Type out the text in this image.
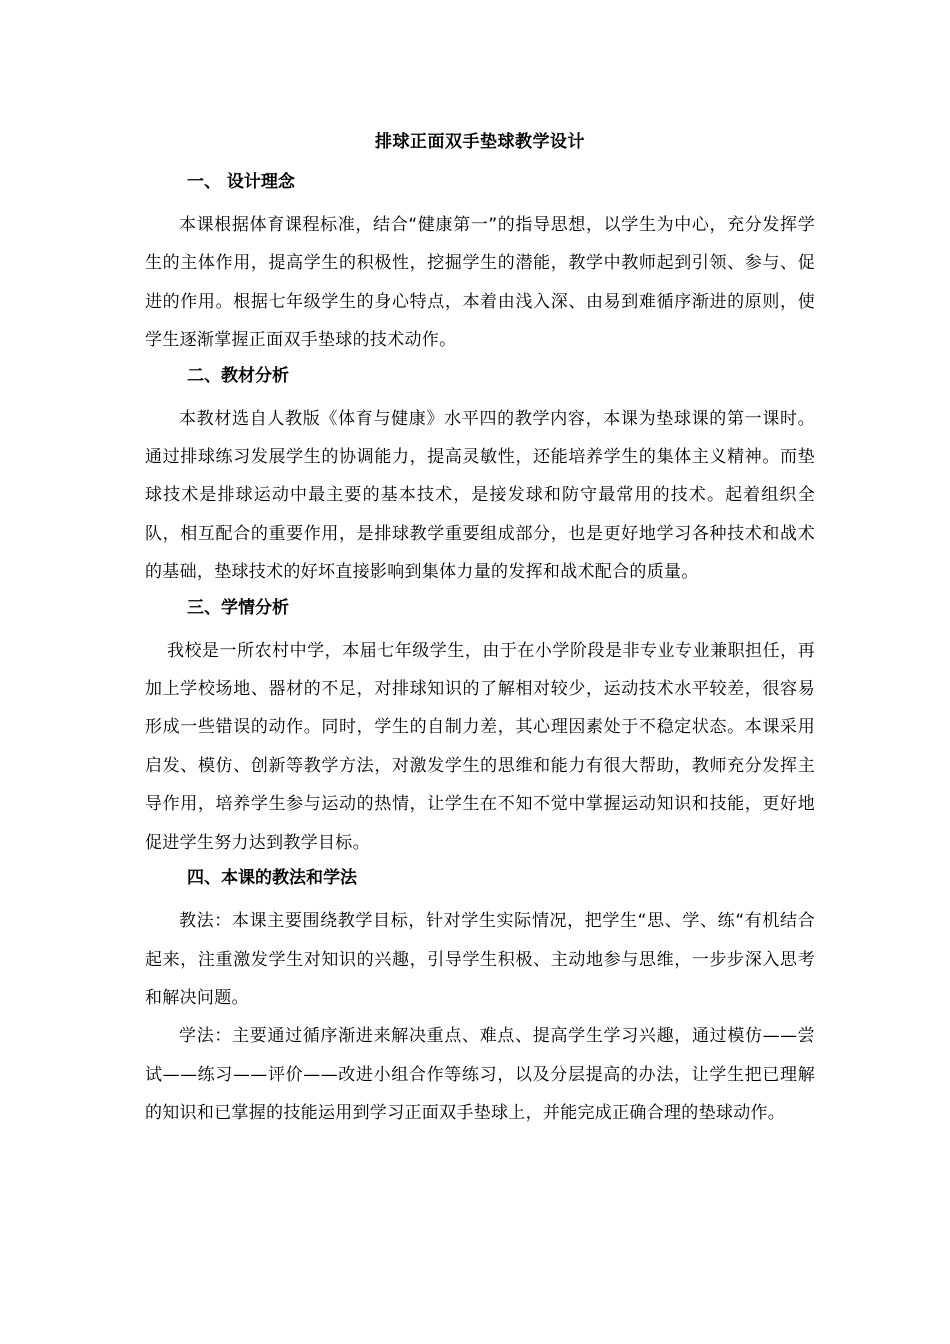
排球正面双手垫球教学设计
一、 设计理念

本课根据体育课程标准，结合“健康第一”的指导思想，以学生为中心，充分发挥学生的主体作用，提高学生的积极性，挖掘学生的潜能，教学中教师起到引领、参与、促进的作用。根据七年级学生的身心特点，本着由浅入深、由易到难循序渐进的原则，使学生逐渐掌握正面双手垫球的技术动作。

二、教材分析

本教材选自人教版《体育与健康》水平四的教学内容，本课为垫球课的第一课时。通过排球练习发展学生的协调能力，提高灵敏性，还能培养学生的集体主义精神。而垫球技术是排球运动中最主要的基本技术，是接发球和防守最常用的技术。起着组织全队，相互配合的重要作用，是排球教学重要组成部分，也是更好地学习各种技术和战术的基础，垫球技术的好坏直接影响到集体力量的发挥和战术配合的质量。

三、学情分析

我校是一所农村中学，本届七年级学生，由于在小学阶段是非专业专业兼职担任，再加上学校场地、器材的不足，对排球知识的了解相对较少，运动技术水平较差，很容易形成一些错误的动作。同时，学生的自制力差，其心理因素处于不稳定状态。本课采用启发、模仿、创新等教学方法，对激发学生的思维和能力有很大帮助，教师充分发挥主导作用，培养学生参与运动的热情，让学生在不知不觉中掌握运动知识和技能，更好地促进学生努力达到教学目标。

四、本课的教法和学法

教法：本课主要围绕教学目标，针对学生实际情况，把学生“思、学、练“有机结合起来，注重激发学生对知识的兴趣，引导学生积极、主动地参与思维，一步步深入思考和解决问题。

学法：主要通过循序渐进来解决重点、难点、提高学生学习兴趣，通过模仿——尝 试——练习——评价——改进小组合作等练习，以及分层提高的办法，让学生把已理解的知识和已掌握的技能运用到学习正面双手垫球上，并能完成正确合理的垫球动作。
